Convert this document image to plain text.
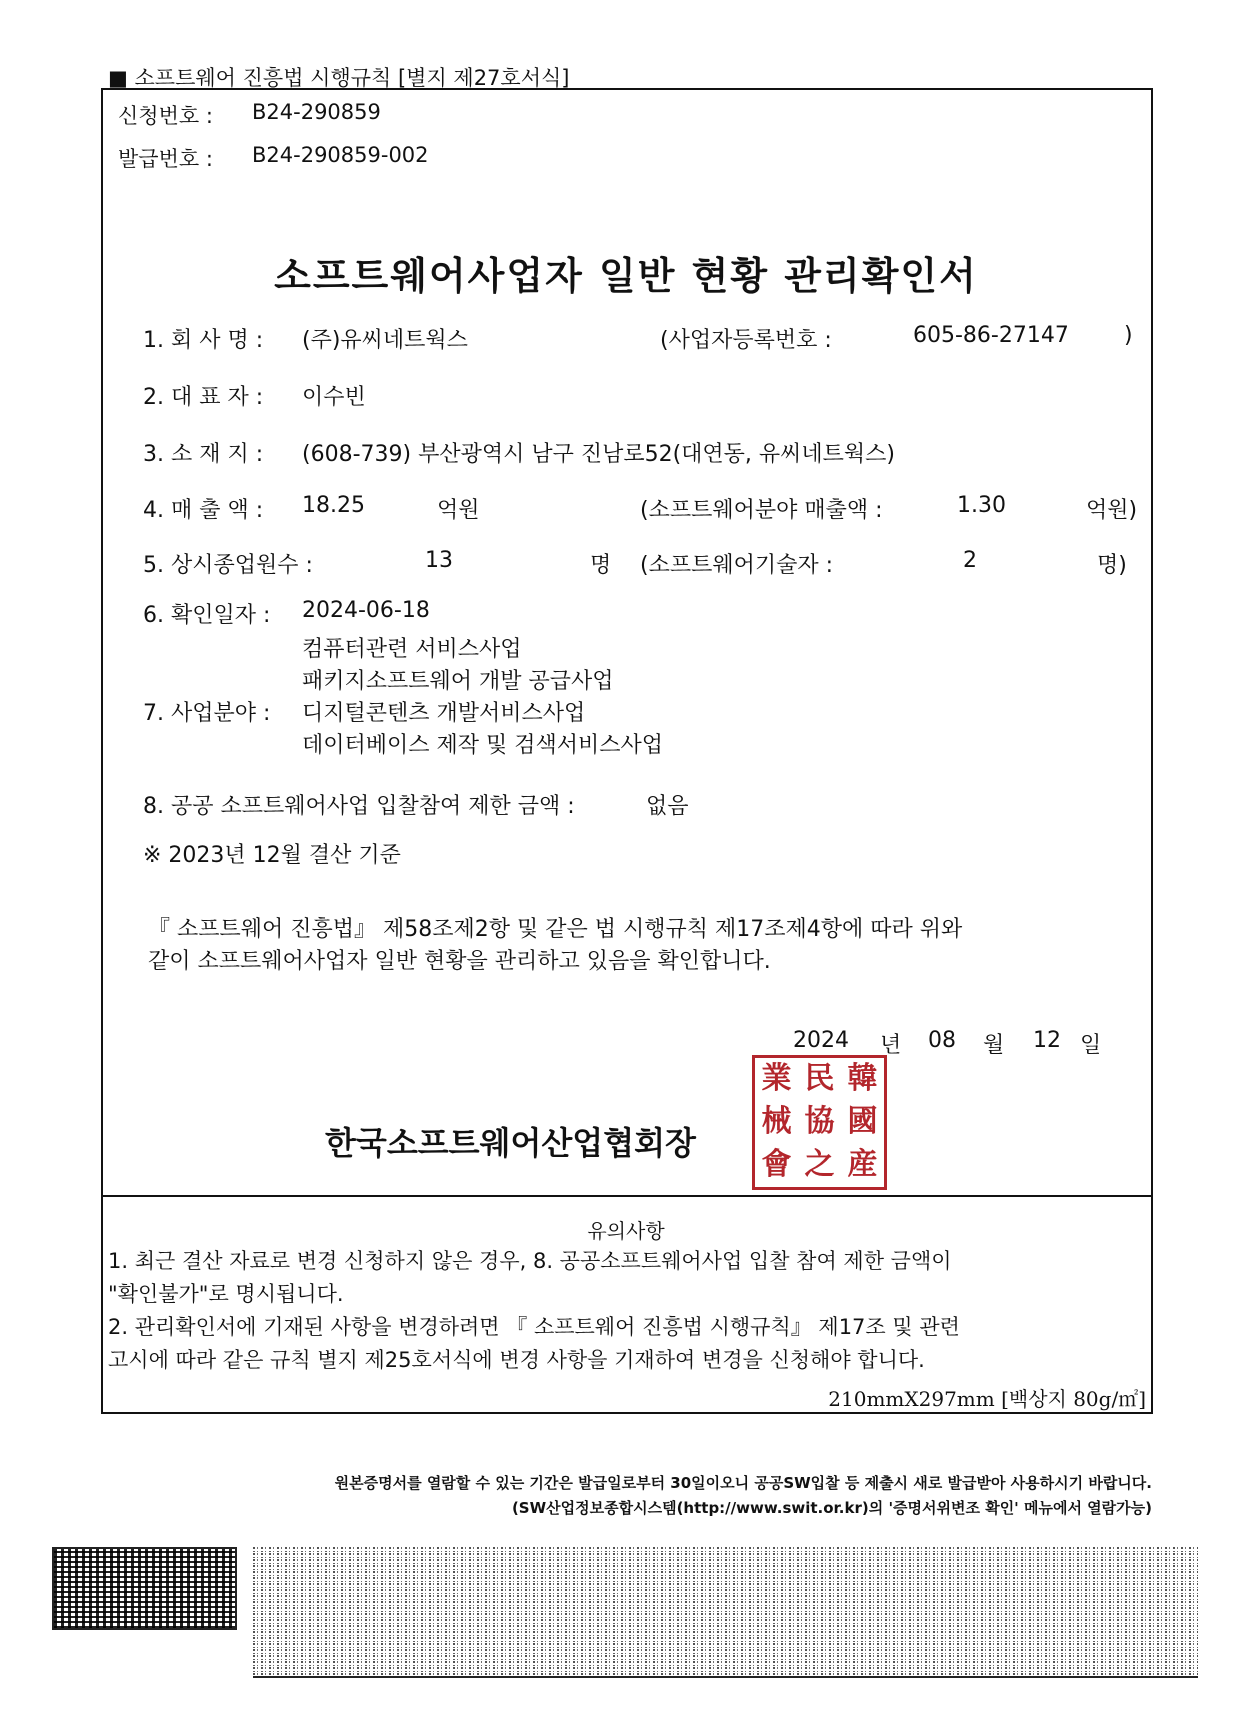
■ 소프트웨어 진흥법 시행규칙 [별지 제27호서식]
신청번호 : B24-290859
발급번호 : B24-290859-002
소프트웨어사업자 일반 현황 관리확인서
1. 회 사 명 : (주)유씨네트웍스	(사업자등록번호 :	605-86-27147	)
2. 대 표 자 : 이수빈
3. 소 재 지 : (608-739) 부산광역시 남구 진남로52(대연동, 유씨네트웍스)
4. 매 출 액 : 18.25	억원	(소프트웨어분야 매출액 :	1.30	억원)
5. 상시종업원수 :	13	명 (소프트웨어기술자 :	2	명)
6. 확인일자 : 2024-06-18
컴퓨터관련 서비스사업
패키지소프트웨어 개발 공급사업
7. 사업분야 : 디지털콘텐츠 개발서비스사업
데이터베이스 제작 및 검색서비스사업
8. 공공 소프트웨어사업 입찰참여 제한 금액 :	없음
※ 2023년 12월 결산 기준
『 소프트웨어 진흥법』 제58조제2항 및 같은 법 시행규칙 제17조제4항에 따라 위와
같이 소프트웨어사업자 일반 현황을 관리하고 있음을 확인합니다.
2024 년 08 월 12 일
한국소프트웨어산업협회장
業 民 韓
械 協 國
會 之 産
유의사항
1. 최근 결산 자료로 변경 신청하지 않은 경우, 8. 공공소프트웨어사업 입찰 참여 제한 금액이
"확인불가"로 명시됩니다.
2. 관리확인서에 기재된 사항을 변경하려면 『 소프트웨어 진흥법 시행규칙』 제17조 및 관련
고시에 따라 같은 규칙 별지 제25호서식에 변경 사항을 기재하여 변경을 신청해야 합니다.
210mmX297mm [백상지 80g/㎡]
원본증명서를 열람할 수 있는 기간은 발급일로부터 30일이오니 공공SW입찰 등 제출시 새로 발급받아 사용하시기 바랍니다.
(SW산업정보종합시스템(http://www.swit.or.kr)의 '증명서위변조 확인' 메뉴에서 열람가능)
